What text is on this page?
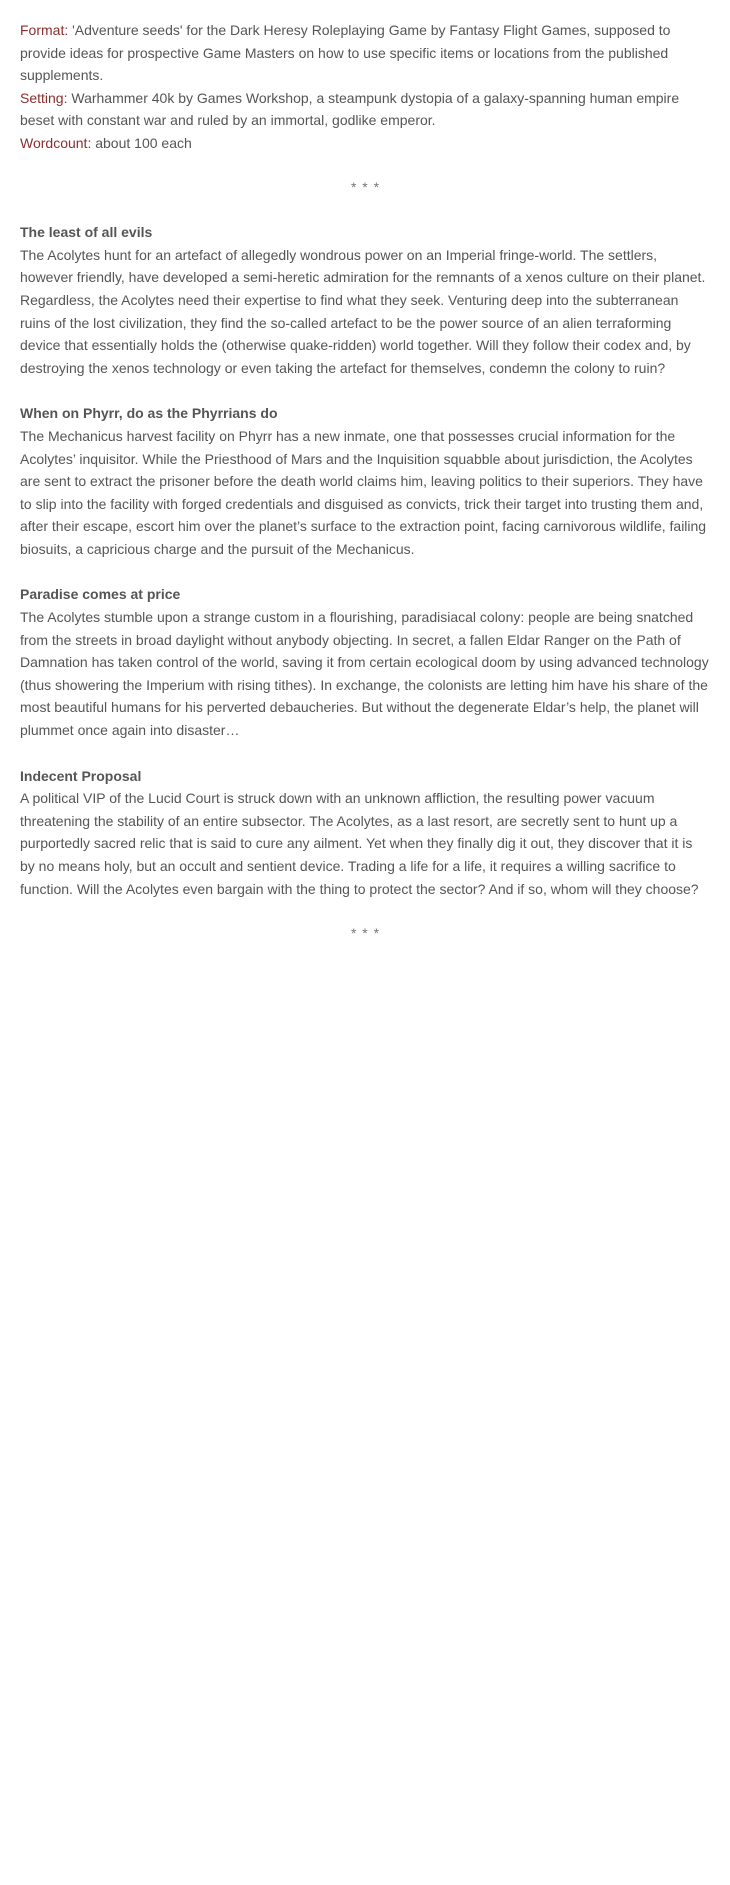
Format: 'Adventure seeds' for the Dark Heresy Roleplaying Game by Fantasy Flight Games, supposed to provide ideas for prospective Game Masters on how to use specific items or locations from the published supplements.

Setting: Warhammer 40k by Games Workshop, a steampunk dystopia of a galaxy-spanning human empire beset with constant war and ruled by an immortal, godlike emperor.

Wordcount: about 100 each

* * *

The least of all evils

The Acolytes hunt for an artefact of allegedly wondrous power on an Imperial fringe-world. The settlers, however friendly, have developed a semi-heretic admiration for the remnants of a xenos culture on their planet. Regardless, the Acolytes need their expertise to find what they seek. Venturing deep into the subterranean ruins of the lost civilization, they find the so-called artefact to be the power source of an alien terraforming device that essentially holds the (otherwise quake-ridden) world together. Will they follow their codex and, by destroying the xenos technology or even taking the artefact for themselves, condemn the colony to ruin?

When on Phyrr, do as the Phyrrians do

The Mechanicus harvest facility on Phyrr has a new inmate, one that possesses crucial information for the Acolytes’ inquisitor. While the Priesthood of Mars and the Inquisition squabble about jurisdiction, the Acolytes are sent to extract the prisoner before the death world claims him, leaving politics to their superiors. They have to slip into the facility with forged credentials and disguised as convicts, trick their target into trusting them and, after their escape, escort him over the planet’s surface to the extraction point, facing carnivorous wildlife, failing biosuits, a capricious charge and the pursuit of the Mechanicus.

Paradise comes at price

The Acolytes stumble upon a strange custom in a flourishing, paradisiacal colony: people are being snatched from the streets in broad daylight without anybody objecting. In secret, a fallen Eldar Ranger on the Path of Damnation has taken control of the world, saving it from certain ecological doom by using advanced technology (thus showering the Imperium with rising tithes). In exchange, the colonists are letting him have his share of the most beautiful humans for his perverted debaucheries. But without the degenerate Eldar’s help, the planet will plummet once again into disaster…

Indecent Proposal

A political VIP of the Lucid Court is struck down with an unknown affliction, the resulting power vacuum threatening the stability of an entire subsector. The Acolytes, as a last resort, are secretly sent to hunt up a purportedly sacred relic that is said to cure any ailment. Yet when they finally dig it out, they discover that it is by no means holy, but an occult and sentient device. Trading a life for a life, it requires a willing sacrifice to function. Will the Acolytes even bargain with the thing to protect the sector? And if so, whom will they choose?

* * *
